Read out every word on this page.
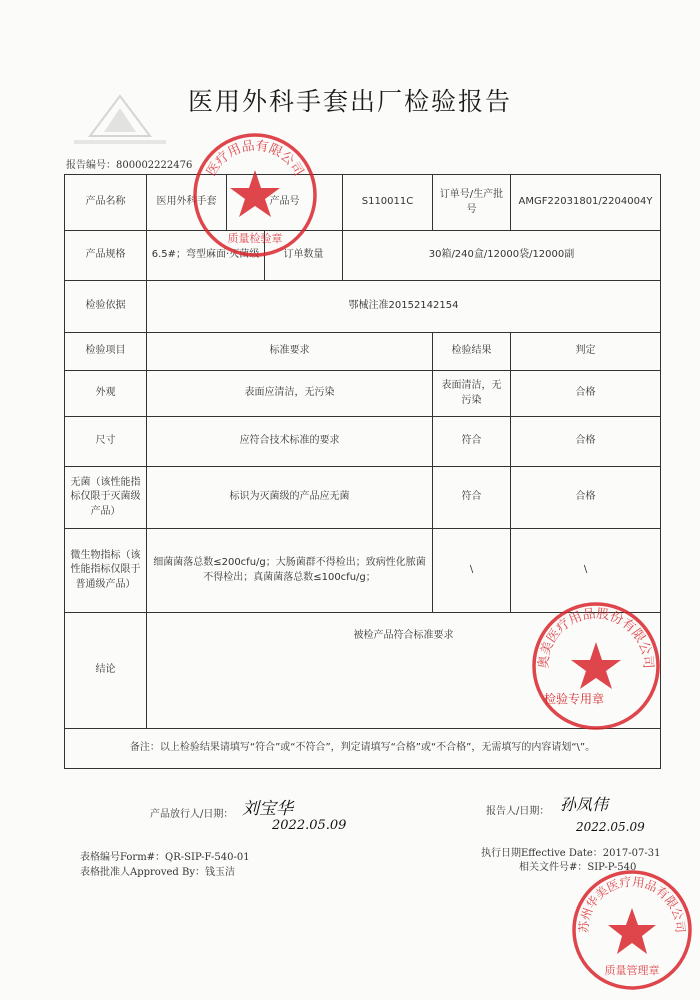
医用外科手套出厂检验报告
报告编号：800002222476
产品名称	医用外科手套	产品号		S110011C	订单号/生产批号	AMGF22031801/2204004Y
产品规格	6.5#；弯型麻面·灭菌级		订单数量	30箱/240盒/12000袋/12000副		
检验依据	鄂械注准20152142154					
检验项目	标准要求				检验结果	判定
外观	表面应清洁，无污染				表面清洁，无污染	合格
尺寸	应符合技术标准的要求				符合	合格
无菌（该性能指标仅限于灭菌级产品）	标识为灭菌级的产品应无菌				符合	合格
微生物指标（该性能指标仅限于普通级产品）	细菌菌落总数≤200cfu/g；大肠菌群不得检出；致病性化脓菌不得检出；真菌菌落总数≤100cfu/g；				\	\
结论	被检产品符合标准要求
检验专用章					

备注：以上检验结果请填写“符合”或“不符合”，判定请填写“合格”或“不合格”，无需填写的内容请划“\”。						
产品放行人/日期： 刘宝华
2022.05.09
报告人/日期： 孙凤伟
2022.05.09
表格编号Form#：QR-SIP-F-540-01
表格批准人Approved By：钱玉洁
执行日期Effective Date：2017-07-31
相关文件号#：SIP-P-540
医疗用品有限公司
质量检验章
奥美医疗用品股份有限公司
苏州华美医疗用品有限公司
质量管理章
